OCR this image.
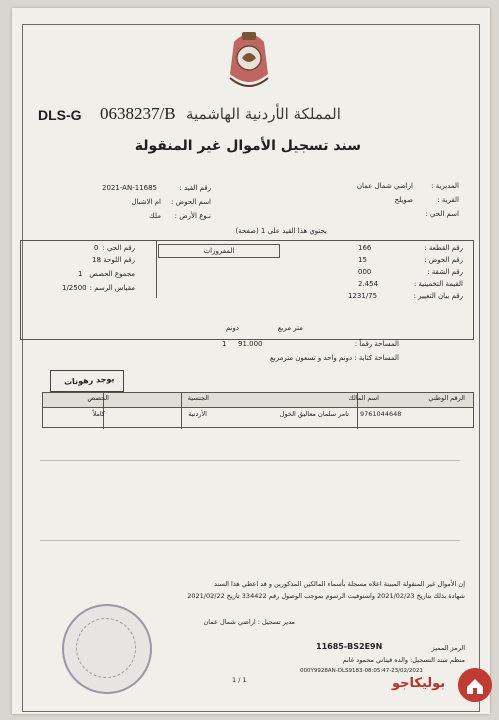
DLS-G 0638237/B المملكة الأردنية الهاشمية
سند تسجيل الأموال غير المنقولة
رقم القيد :
2021-AN-11685
اسم الحوض :
ام الاشبال
نـوع الأرض :
ملك
المديرية :
اراضي شمال عمان
القرية :
صويلح
اسم الحي :
يحتوي هذا القيد على 1 (صفحة)
المفروزات	رقم القطعة :
166
رقم الحوض :
15
رقم الشقة :
000
القيمة التخمينية :
2.454
رقم بيان التغيير :
1231/75
رقم الحي :
0
رقم اللوحة :
18
مجموع الحصص
1
مقياس الرسم :
1/2500
متر مربع
دونم
المساحة رقماً :
91.000
1
المساحة كتابة : دونم واحد و تسعون مترمربع
يوجد رهونات
الرقم الوطني
اسم المالك
الجنسية
الحصص
9761044648
تامر سلمان معاليق الخول
الأردنية
كاملاً
إن الأموال غير المنقولة المبينة اعلاه مسجلة بأسماء المالكين المذكورين و قد اعطي هذا السند
شهادة بذلك بتاريخ 2021/02/23 واستوفيت الرسوم بموجب الوصول رقم 334422 تاريخ 2021/02/22
مدير تسجيل : اراضي شمال عمان
الرمز المميز
11685-BS2E9N
منظم سند التسجيل: والده قيناني محمود غانم
000Y9928AN-DLS9183-08:05:47-23/02/2021
1 / 1	بوليكاجو
